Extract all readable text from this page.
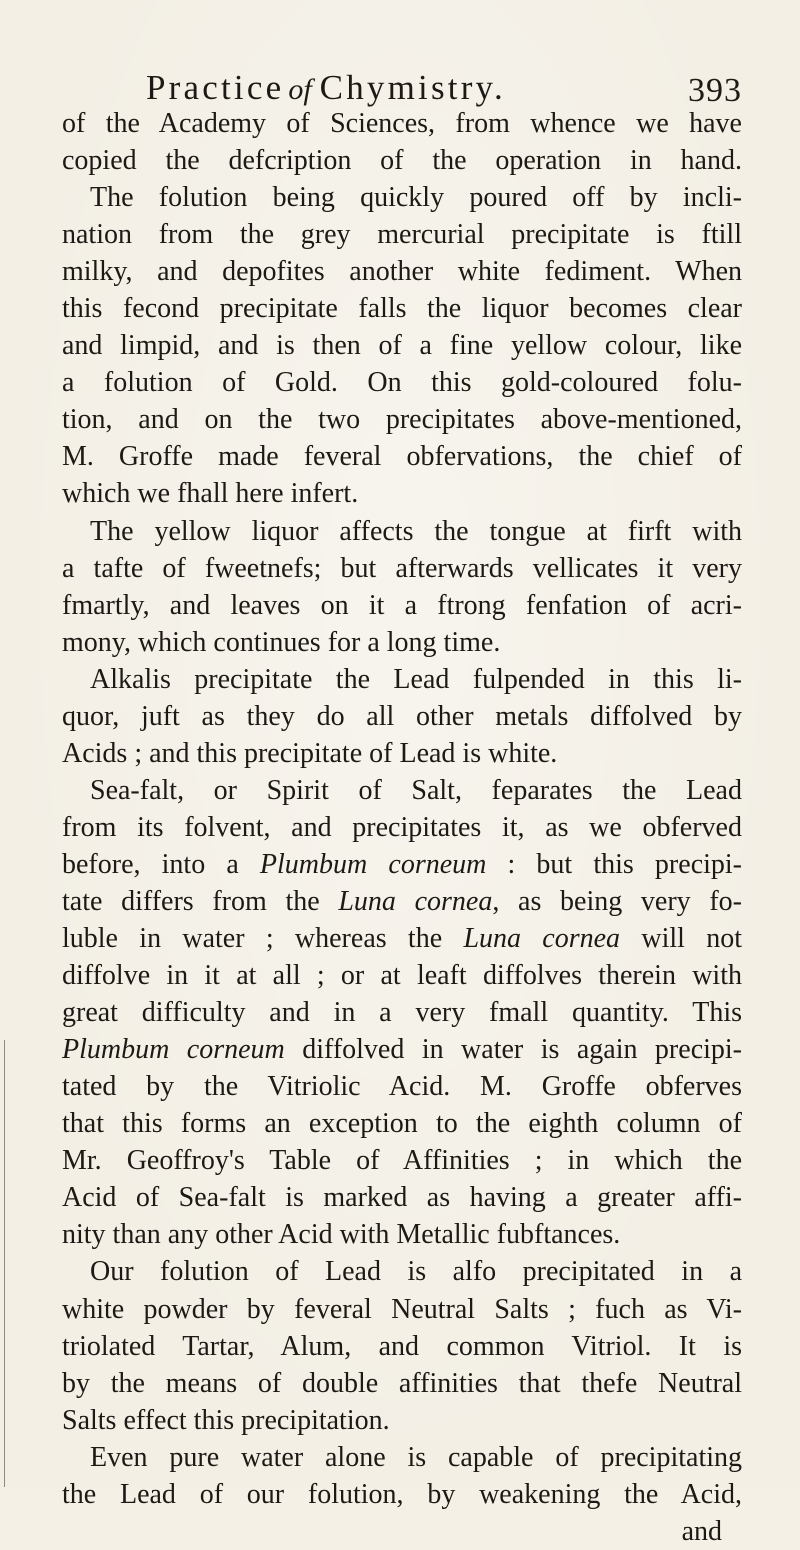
Practice of Chymistry.	393
of the Academy of Sciences, from whence we have
copied the defcription of the operation in hand.
The folution being quickly poured off by incli-
nation from the grey mercurial precipitate is ftill
milky, and depofites another white fediment. When
this fecond precipitate falls the liquor becomes clear
and limpid, and is then of a fine yellow colour, like
a folution of Gold. On this gold-coloured folu-
tion, and on the two precipitates above-mentioned,
M. Groffe made feveral obfervations, the chief of
which we fhall here infert.
The yellow liquor affects the tongue at firft with
a tafte of fweetnefs; but afterwards vellicates it very
fmartly, and leaves on it a ftrong fenfation of acri-
mony, which continues for a long time.
Alkalis precipitate the Lead fulpended in this li-
quor, juft as they do all other metals diffolved by
Acids ; and this precipitate of Lead is white.
Sea-falt, or Spirit of Salt, feparates the Lead
from its folvent, and precipitates it, as we obferved
before, into a Plumbum corneum : but this precipi-
tate differs from the Luna cornea, as being very fo-
luble in water ; whereas the Luna cornea will not
diffolve in it at all ; or at leaft diffolves therein with
great difficulty and in a very fmall quantity. This
Plumbum corneum diffolved in water is again precipi-
tated by the Vitriolic Acid. M. Groffe obferves
that this forms an exception to the eighth column of
Mr. Geoffroy's Table of Affinities ; in which the
Acid of Sea-falt is marked as having a greater affi-
nity than any other Acid with Metallic fubftances.
Our folution of Lead is alfo precipitated in a
white powder by feveral Neutral Salts ; fuch as Vi-
triolated Tartar, Alum, and common Vitriol. It is
by the means of double affinities that thefe Neutral
Salts effect this precipitation.
Even pure water alone is capable of precipitating
the Lead of our folution, by weakening the Acid,
and
